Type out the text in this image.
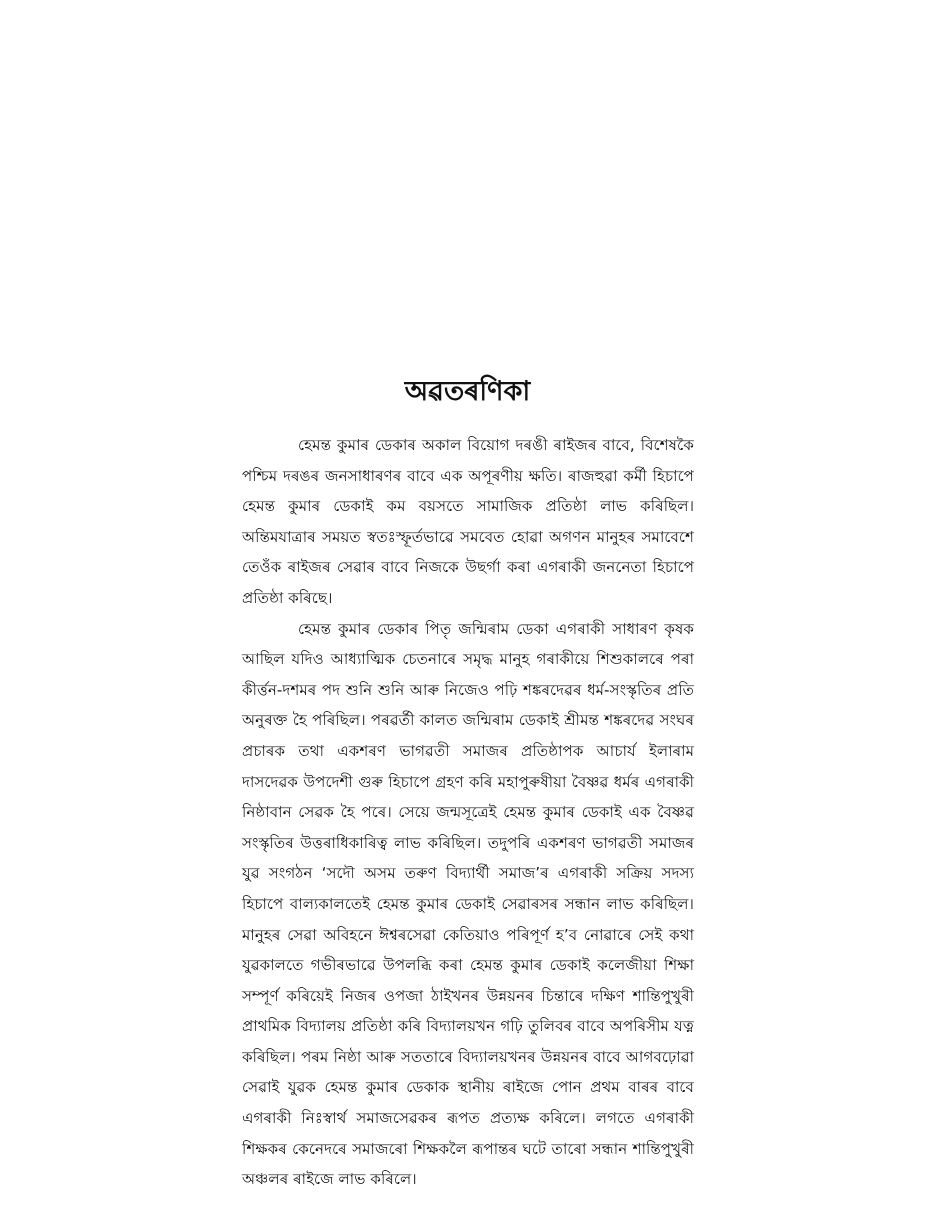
অৱতৰণিকা

হেমন্ত কুমাৰ ডেকাৰ অকাল বিয়োগ দৰঙী ৰাইজৰ বাবে, বিশেষকৈ পশ্চিম দৰঙৰ জনসাধাৰণৰ বাবে এক অপূৰণীয় ক্ষতি। ৰাজহুৱা কৰ্মী হিচাপে হেমন্ত কুমাৰ ডেকাই কম বয়সতে সামাজিক প্ৰতিষ্ঠা লাভ কৰিছিল। অন্তিমযাত্ৰাৰ সময়ত স্বতঃস্ফূৰ্তভাৱে সমবেত হোৱা অগণন মানুহৰ সমাবেশে তেওঁক ৰাইজৰ সেৱাৰ বাবে নিজকে উছৰ্গা কৰা এগৰাকী জননেতা হিচাপে প্ৰতিষ্ঠা কৰিছে।

হেমন্ত কুমাৰ ডেকাৰ পিতৃ জন্মিৰাম ডেকা এগৰাকী সাধাৰণ কৃষক আছিল যদিও আধ্যাত্মিক চেতনাৰে সমৃদ্ধ মানুহ গৰাকীয়ে শিশুকালৰে পৰা কীৰ্ত্তন-দশমৰ পদ শুনি শুনি আৰু নিজেও পঢ়ি শঙ্কৰদেৱৰ ধৰ্ম-সংস্কৃতিৰ প্ৰতি অনুৰক্ত হৈ পৰিছিল। পৰৱৰ্তী কালত জন্মিৰাম ডেকাই শ্ৰীমন্ত শঙ্কৰদেৱ সংঘৰ প্ৰচাৰক তথা একশৰণ ভাগৱতী সমাজৰ প্ৰতিষ্ঠাপক আচাৰ্য ইলাৰাম দাসদেৱক উপদেশী গুৰু হিচাপে গ্ৰহণ কৰি মহাপুৰুষীয়া বৈষ্ণৱ ধৰ্মৰ এগৰাকী নিষ্ঠাবান সেৱক হৈ পৰে। সেয়ে জন্মসূত্ৰেই হেমন্ত কুমাৰ ডেকাই এক বৈষ্ণৱ সংস্কৃতিৰ উত্তৰাধিকাৰিত্ব লাভ কৰিছিল। তদুপৰি একশৰণ ভাগৱতী সমাজৰ যুৱ সংগঠন ‘সদৌ অসম তৰুণ বিদ্যাৰ্থী সমাজ’ৰ এগৰাকী সক্ৰিয় সদস্য হিচাপে বাল্যকালতেই হেমন্ত কুমাৰ ডেকাই সেৱাৰসৰ সন্ধান লাভ কৰিছিল। মানুহৰ সেৱা অবিহনে ঈশ্বৰসেৱা কেতিয়াও পৰিপূৰ্ণ হ’ব নোৱাৰে সেই কথা যুৱকালতে গভীৰভাৱে উপলব্ধি কৰা হেমন্ত কুমাৰ ডেকাই কলেজীয়া শিক্ষা সম্পূৰ্ণ কৰিয়েই নিজৰ ওপজা ঠাইখনৰ উন্নয়নৰ চিন্তাৰে দক্ষিণ শান্তিপুখুৰী প্ৰাথমিক বিদ্যালয় প্ৰতিষ্ঠা কৰি বিদ্যালয়খন গঢ়ি তুলিবৰ বাবে অপৰিসীম যত্ন কৰিছিল। পৰম নিষ্ঠা আৰু সততাৰে বিদ্যালয়খনৰ উন্নয়নৰ বাবে আগবঢ়োৱা সেৱাই যুৱক হেমন্ত কুমাৰ ডেকাক স্থানীয় ৰাইজে পোন প্ৰথম বাৰৰ বাবে এগৰাকী নিঃস্বাৰ্থ সমাজসেৱকৰ ৰূপত প্ৰত্যক্ষ কৰিলে। লগতে এগৰাকী শিক্ষকৰ কেনেদৰে সমাজৰো শিক্ষকলৈ ৰূপান্তৰ ঘটে তাৰো সন্ধান শান্তিপুখুৰী অঞ্চলৰ ৰাইজে লাভ কৰিলে।
